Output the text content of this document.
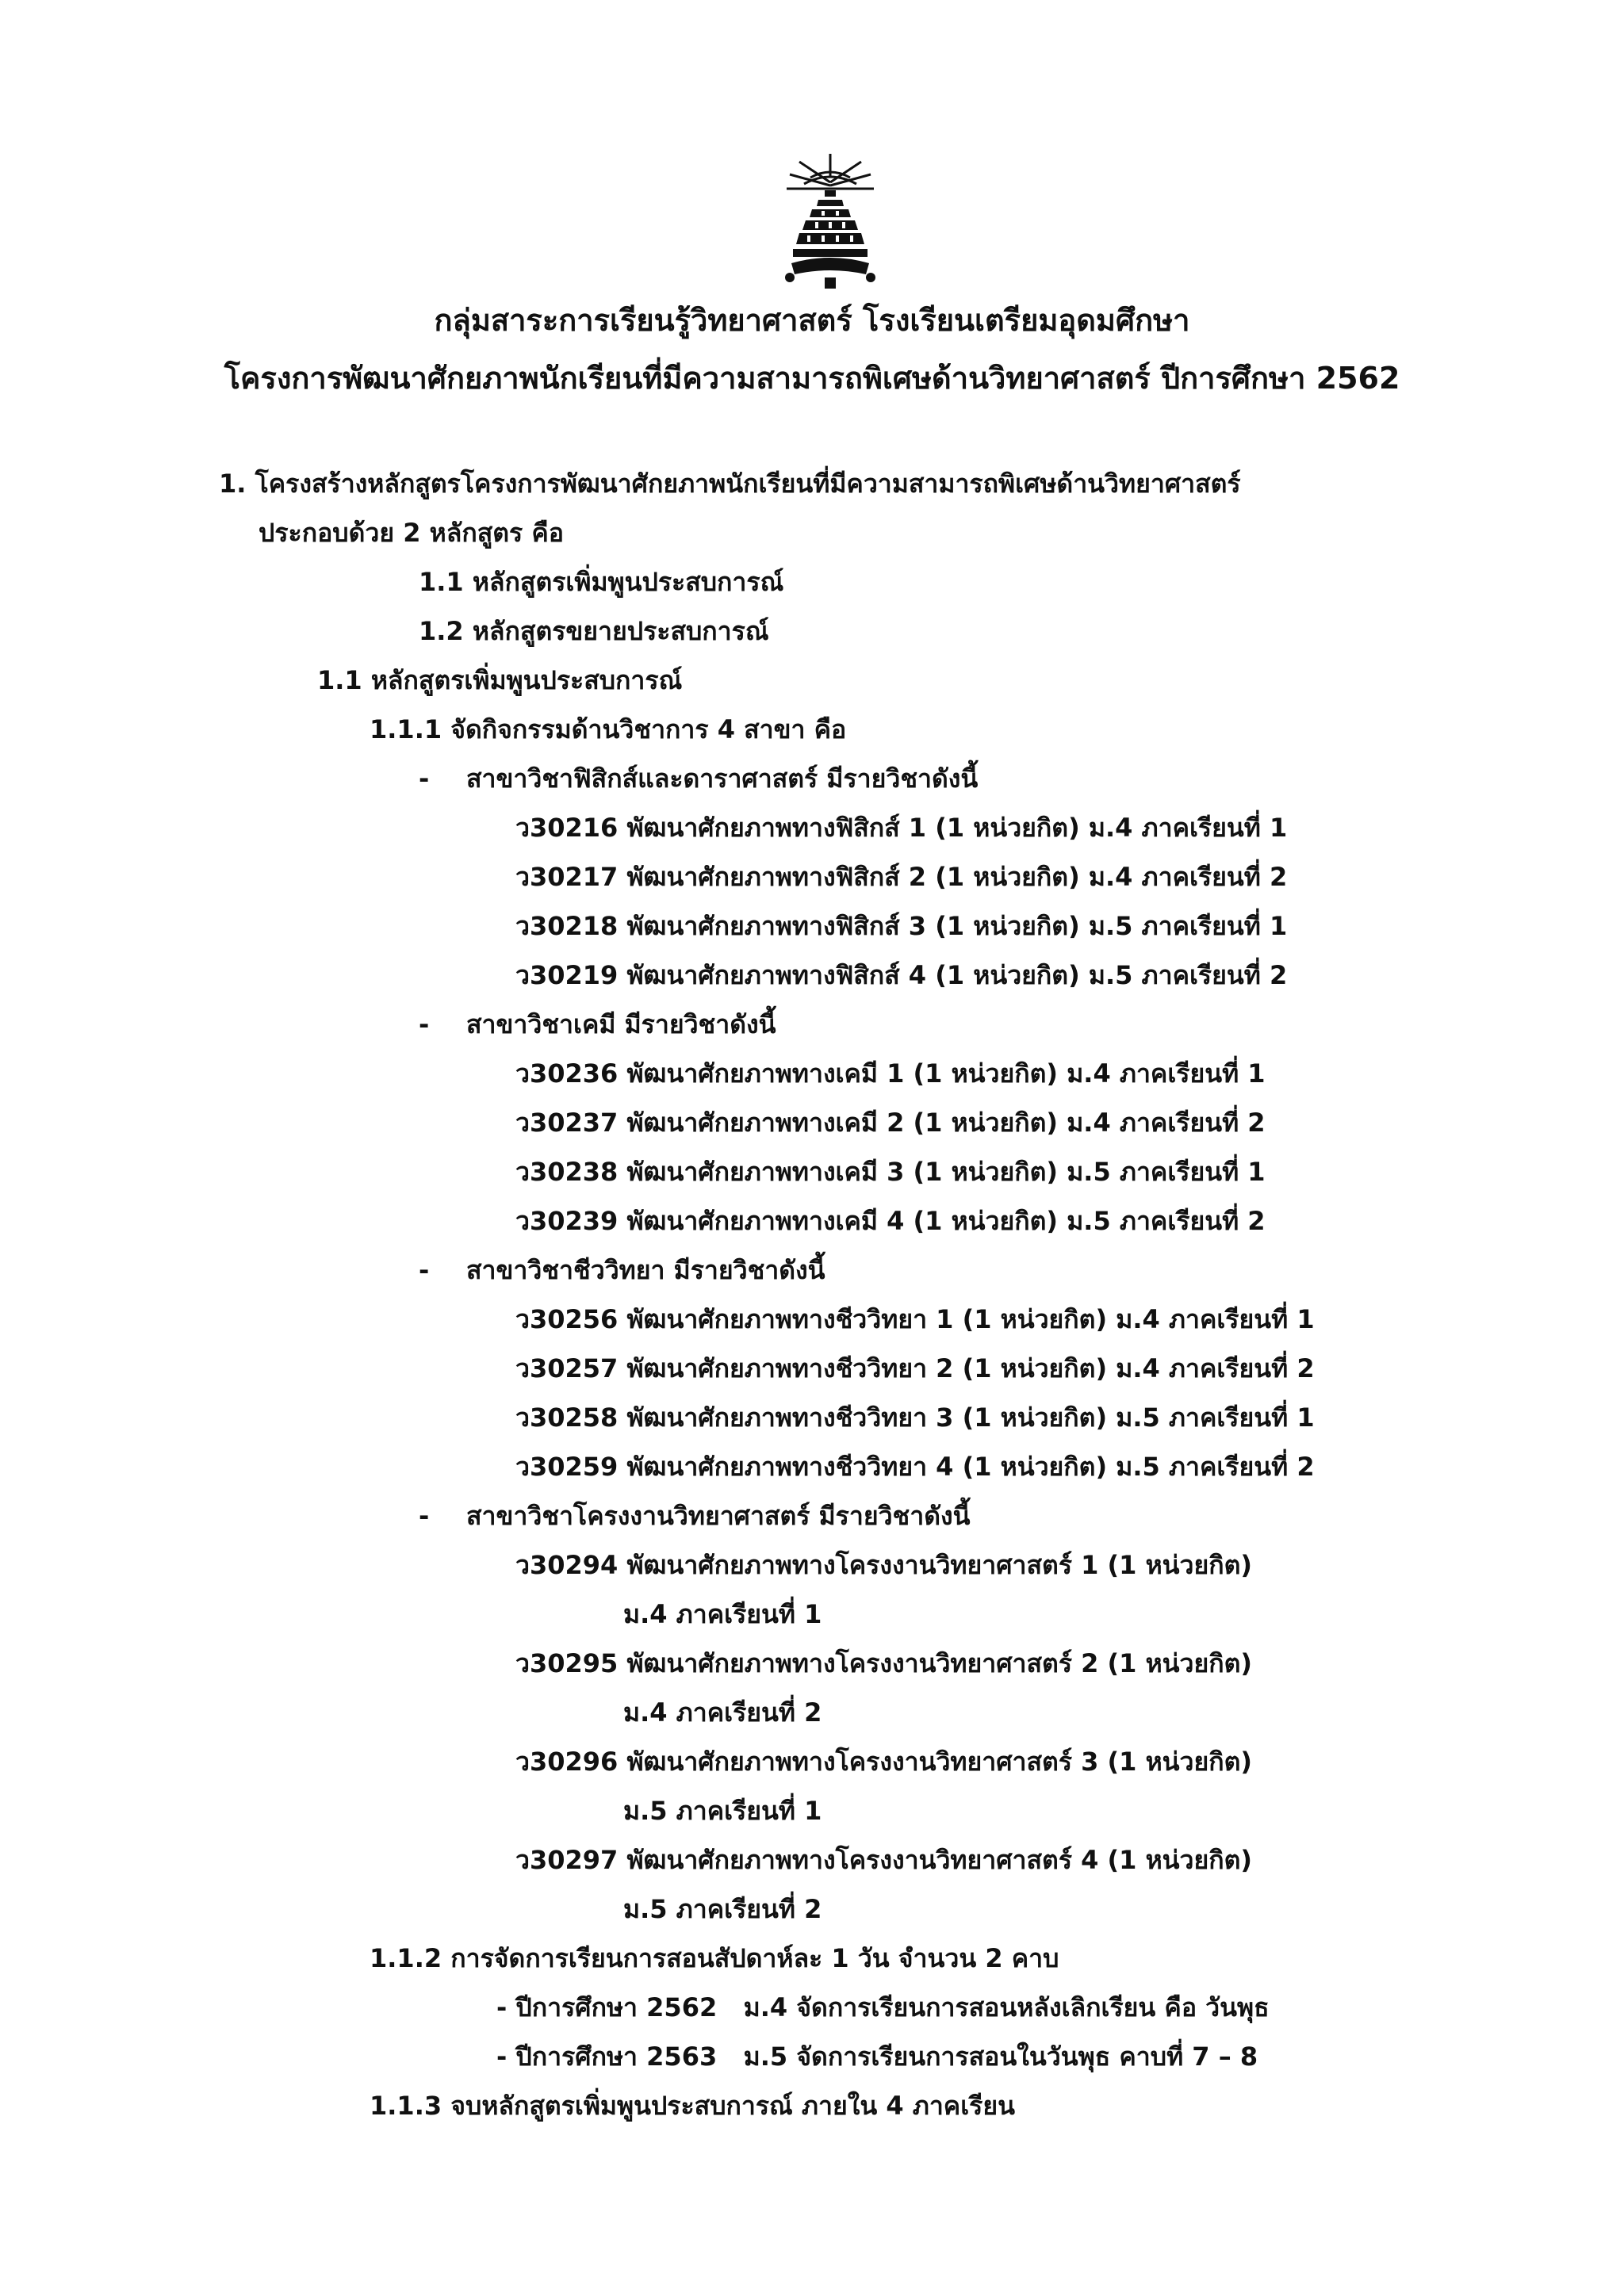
กลุ่มสาระการเรียนรู้วิทยาศาสตร์ โรงเรียนเตรียมอุดมศึกษา
โครงการพัฒนาศักยภาพนักเรียนที่มีความสามารถพิเศษด้านวิทยาศาสตร์ ปีการศึกษา 2562
1. โครงสร้างหลักสูตรโครงการพัฒนาศักยภาพนักเรียนที่มีความสามารถพิเศษด้านวิทยาศาสตร์
ประกอบด้วย 2 หลักสูตร คือ
1.1 หลักสูตรเพิ่มพูนประสบการณ์
1.2 หลักสูตรขยายประสบการณ์
1.1 หลักสูตรเพิ่มพูนประสบการณ์
1.1.1 จัดกิจกรรมด้านวิชาการ 4 สาขา คือ
- สาขาวิชาฟิสิกส์และดาราศาสตร์ มีรายวิชาดังนี้
ว30216 พัฒนาศักยภาพทางฟิสิกส์ 1 (1 หน่วยกิต) ม.4 ภาคเรียนที่ 1
ว30217 พัฒนาศักยภาพทางฟิสิกส์ 2 (1 หน่วยกิต) ม.4 ภาคเรียนที่ 2
ว30218 พัฒนาศักยภาพทางฟิสิกส์ 3 (1 หน่วยกิต) ม.5 ภาคเรียนที่ 1
ว30219 พัฒนาศักยภาพทางฟิสิกส์ 4 (1 หน่วยกิต) ม.5 ภาคเรียนที่ 2
- สาขาวิชาเคมี มีรายวิชาดังนี้
ว30236 พัฒนาศักยภาพทางเคมี 1 (1 หน่วยกิต) ม.4 ภาคเรียนที่ 1
ว30237 พัฒนาศักยภาพทางเคมี 2 (1 หน่วยกิต) ม.4 ภาคเรียนที่ 2
ว30238 พัฒนาศักยภาพทางเคมี 3 (1 หน่วยกิต) ม.5 ภาคเรียนที่ 1
ว30239 พัฒนาศักยภาพทางเคมี 4 (1 หน่วยกิต) ม.5 ภาคเรียนที่ 2
- สาขาวิชาชีววิทยา มีรายวิชาดังนี้
ว30256 พัฒนาศักยภาพทางชีววิทยา 1 (1 หน่วยกิต) ม.4 ภาคเรียนที่ 1
ว30257 พัฒนาศักยภาพทางชีววิทยา 2 (1 หน่วยกิต) ม.4 ภาคเรียนที่ 2
ว30258 พัฒนาศักยภาพทางชีววิทยา 3 (1 หน่วยกิต) ม.5 ภาคเรียนที่ 1
ว30259 พัฒนาศักยภาพทางชีววิทยา 4 (1 หน่วยกิต) ม.5 ภาคเรียนที่ 2
- สาขาวิชาโครงงานวิทยาศาสตร์ มีรายวิชาดังนี้
ว30294 พัฒนาศักยภาพทางโครงงานวิทยาศาสตร์ 1 (1 หน่วยกิต)
ม.4 ภาคเรียนที่ 1
ว30295 พัฒนาศักยภาพทางโครงงานวิทยาศาสตร์ 2 (1 หน่วยกิต)
ม.4 ภาคเรียนที่ 2
ว30296 พัฒนาศักยภาพทางโครงงานวิทยาศาสตร์ 3 (1 หน่วยกิต)
ม.5 ภาคเรียนที่ 1
ว30297 พัฒนาศักยภาพทางโครงงานวิทยาศาสตร์ 4 (1 หน่วยกิต)
ม.5 ภาคเรียนที่ 2
1.1.2 การจัดการเรียนการสอนสัปดาห์ละ 1 วัน จำนวน 2 คาบ
- ปีการศึกษา 2562   ม.4 จัดการเรียนการสอนหลังเลิกเรียน คือ วันพุธ
- ปีการศึกษา 2563   ม.5 จัดการเรียนการสอนในวันพุธ คาบที่ 7 – 8
1.1.3 จบหลักสูตรเพิ่มพูนประสบการณ์ ภายใน 4 ภาคเรียน
